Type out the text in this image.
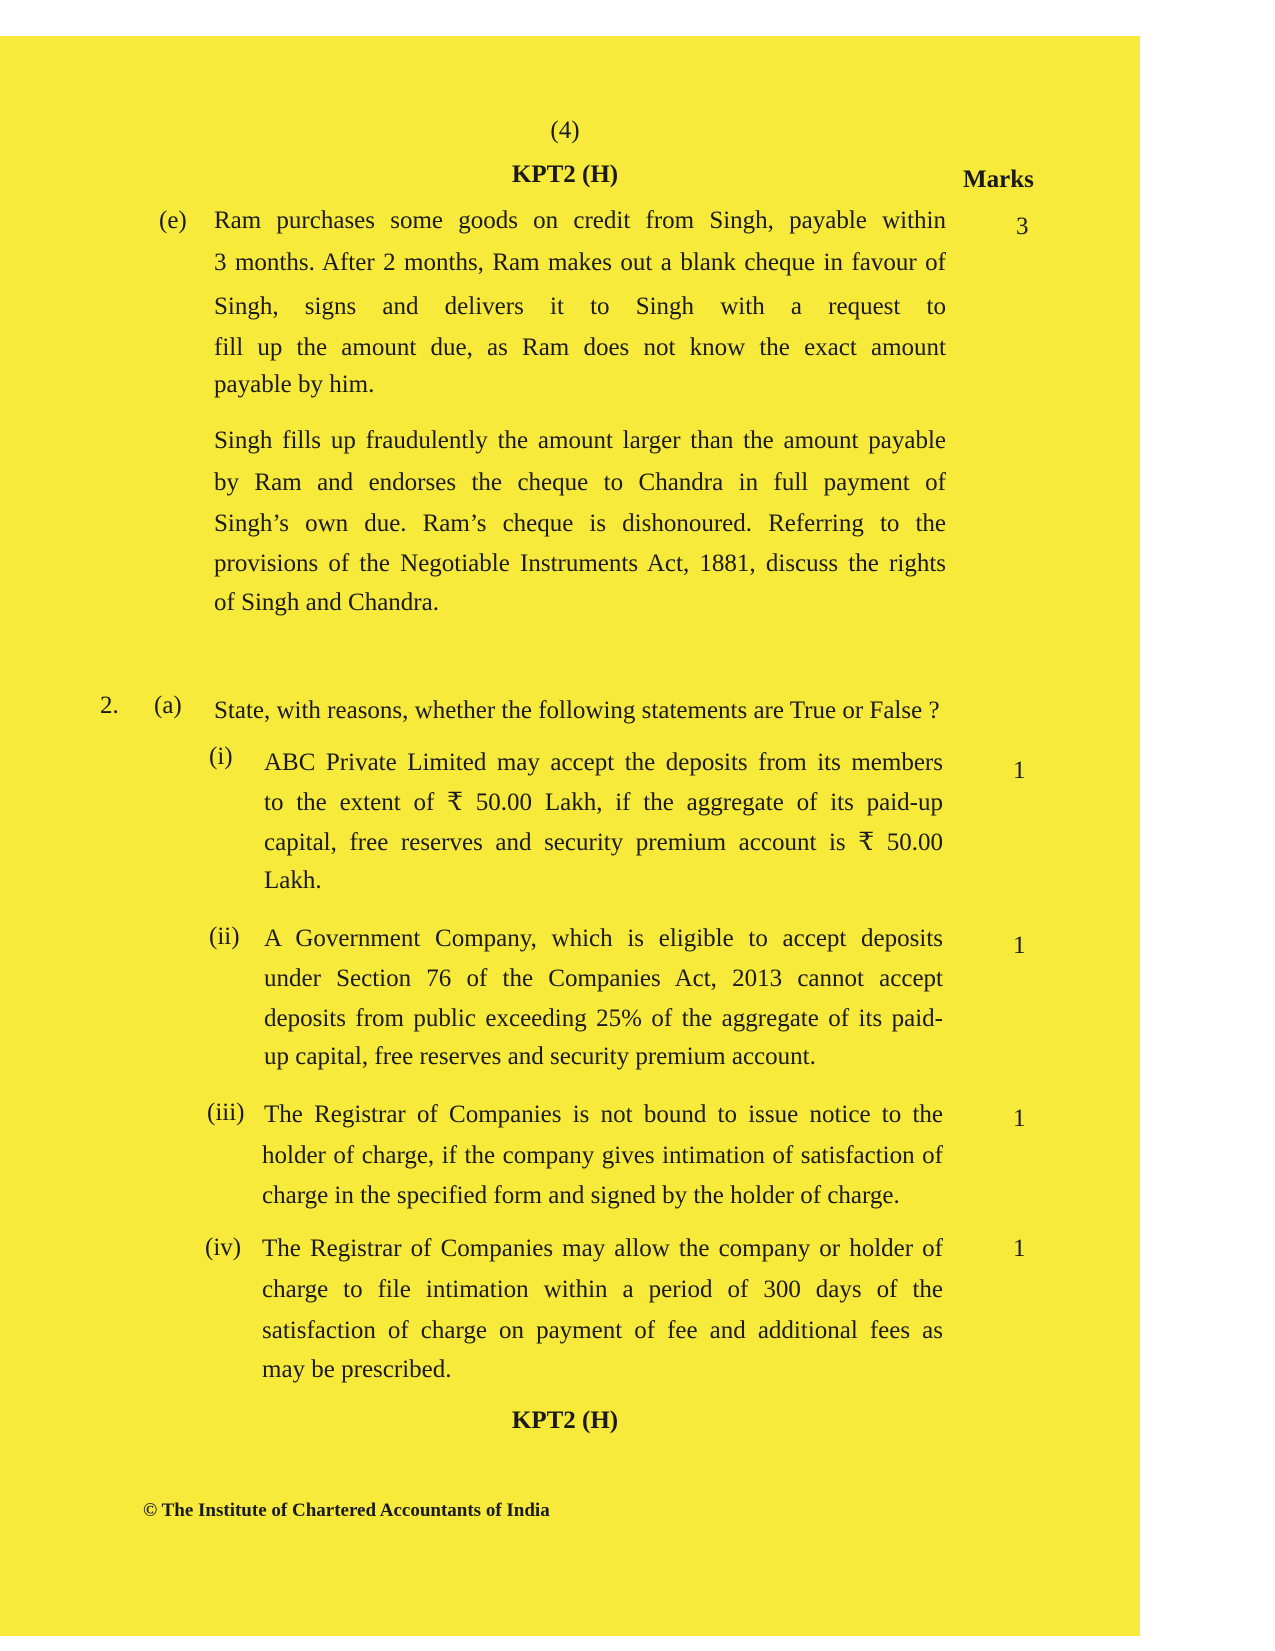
(4)
KPT2 (H)	Marks
(e)	3
Ram purchases some goods on credit from Singh, payable within
3 months. After 2 months, Ram makes out a blank cheque in favour of
Singh, signs and delivers it to Singh with a request to
fill up the amount due, as Ram does not know the exact amount
payable by him.
Singh fills up fraudulently the amount larger than the amount payable
by Ram and endorses the cheque to Chandra in full payment of
Singh’s own due. Ram’s cheque is dishonoured. Referring to the
provisions of the Negotiable Instruments Act, 1881, discuss the rights
of Singh and Chandra.
2. (a) State, with reasons, whether the following statements are True or False ?
(i)
1
ABC Private Limited may accept the deposits from its members
to the extent of ₹ 50.00 Lakh, if the aggregate of its paid-up
capital, free reserves and security premium account is ₹ 50.00
Lakh.
(ii)	1
A Government Company, which is eligible to accept deposits
under Section 76 of the Companies Act, 2013 cannot accept
deposits from public exceeding 25% of the aggregate of its paid-
up capital, free reserves and security premium account.
(iii)	1
The Registrar of Companies is not bound to issue notice to the
holder of charge, if the company gives intimation of satisfaction of
charge in the specified form and signed by the holder of charge.
(iv)	1
The Registrar of Companies may allow the company or holder of
charge to file intimation within a period of 300 days of the
satisfaction of charge on payment of fee and additional fees as
may be prescribed.
KPT2 (H)
© The Institute of Chartered Accountants of India
